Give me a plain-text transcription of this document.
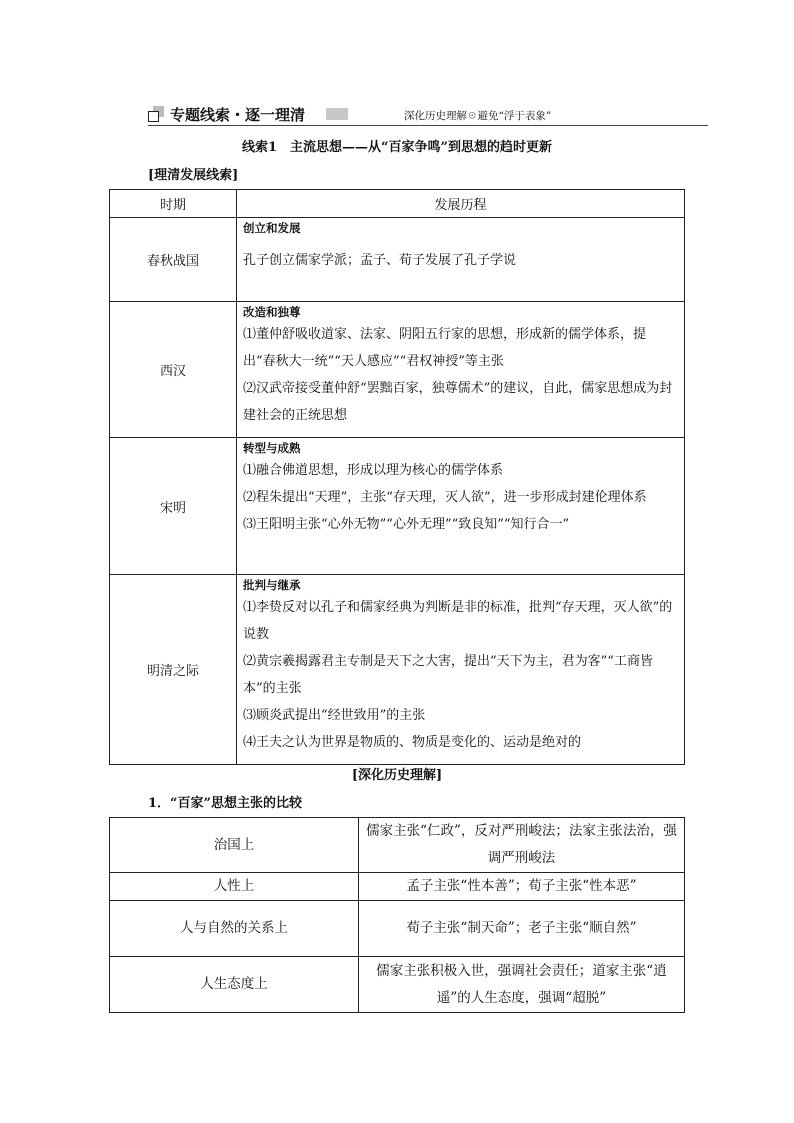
专题线索・逐一理清	深化历史理解☉避免“浮于表象”
线索1　主流思想——从“百家争鸣”到思想的趋时更新
[理清发展线索]
时期	发展历程
春秋战国	创立和发展
孔子创立儒家学派；孟子、荀子发展了孔子学说

西汉	改造和独尊
⑴董仲舒吸收道家、法家、阴阳五行家的思想，形成新的儒学体系，提出“春秋大一统”“天人感应”“君权神授”等主张
⑵汉武帝接受董仲舒“罢黜百家，独尊儒术”的建议，自此，儒家思想成为封建社会的正统思想

宋明	转型与成熟
⑴融合佛道思想，形成以理为核心的儒学体系
⑵程朱提出“天理”，主张“存天理，灭人欲”，进一步形成封建伦理体系
⑶王阳明主张“心外无物”“心外无理”“致良知”“知行合一”

明清之际	批判与继承
⑴李贽反对以孔子和儒家经典为判断是非的标准，批判“存天理，灭人欲”的说教
⑵黄宗羲揭露君主专制是天下之大害，提出“天下为主，君为客”“工商皆本”的主张
⑶顾炎武提出“经世致用”的主张
⑷王夫之认为世界是物质的、物质是变化的、运动是绝对的
[深化历史理解]
1．“百家”思想主张的比较
治国上	儒家主张“仁政”，反对严刑峻法；法家主张法治，强调严刑峻法
人性上	孟子主张“性本善”；荀子主张“性本恶”
人与自然的关系上	荀子主张“制天命”；老子主张“顺自然”
人生态度上	儒家主张积极入世，强调社会责任；道家主张“逍遥”的人生态度，强调“超脱”
